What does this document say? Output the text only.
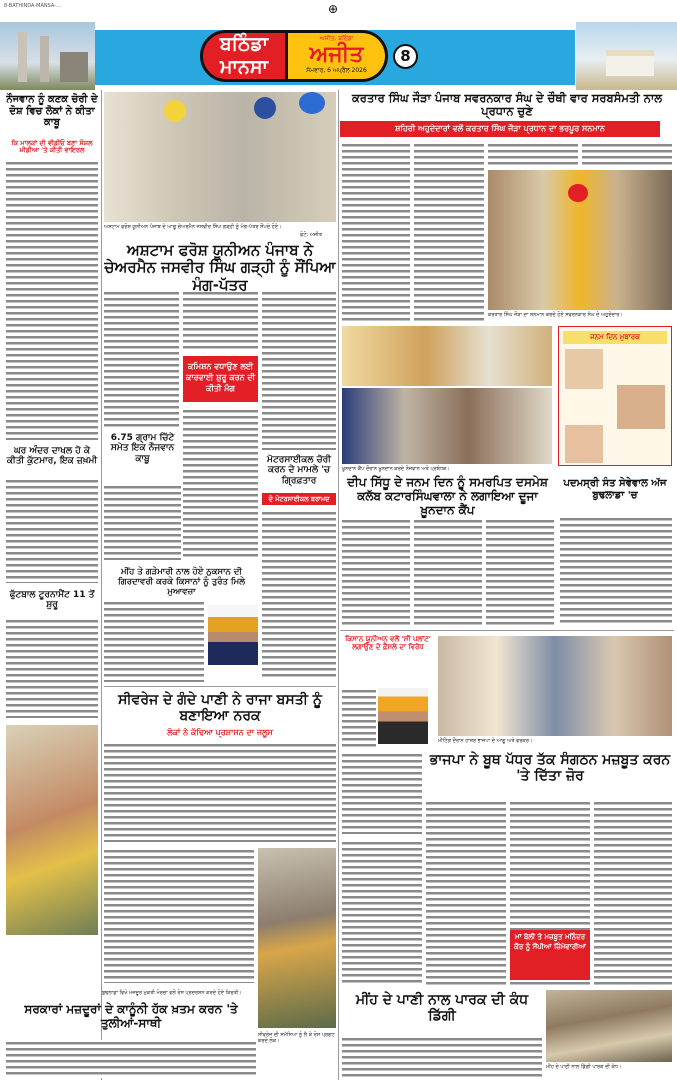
8-BATHINDA-MANSA-...	⊕
ਬਠਿੰਡਾ
ਮਾਨਸਾ
ਅਜੀਤ, ਬਠਿੰਡਾ
ਅਜੀਤ
ਸੋਮਵਾਰ, 6 ਅਪ੍ਰੈਲ 2026
8
ਨੌਜਵਾਨ ਨੂੰ ਕਣਕ ਚੋਰੀ ਦੇ ਦੋਸ਼ ਵਿਚ ਲੋਕਾਂ ਨੇ ਕੀਤਾ ਕਾਬੂ
ਕਿ ਮਾਲਕਾਂ ਦੀ ਵੀਡੀਓ ਬਣਾ ਸੋਸ਼ਲ ਮੀਡੀਆ 'ਤੇ ਕੀਤੀ ਵਾਇਰਲ
ਘਰ ਅੰਦਰ ਦਾਖਲ ਹੋ ਕੇ ਕੀਤੀ ਕੁੱਟਮਾਰ, ਇਕ ਜ਼ਖ਼ਮੀ
ਫੁੱਟਬਾਲ ਟੂਰਨਾਮੈਂਟ 11 ਤੋਂ ਸ਼ੁਰੂ
ਬੁਢਲਾਡਾ ਵਿਖੇ ਮਜ਼ਦੂਰ ਮੁਕਤੀ ਮੋਰਚਾ ਵਲੋਂ ਰੋਸ ਪ੍ਰਦਰਸ਼ਨ ਕਰਦੇ ਹੋਏ ਕਿਰਤੀ।
ਸਰਕਾਰਾਂ ਮਜ਼ਦੂਰਾਂ ਦੇ ਕਾਨੂੰਨੀ ਹੱਕ ਖ਼ਤਮ ਕਰਨ 'ਤੇ ਤੁਲੀਆਂ-ਸਾਥੀ
ਅਸ਼ਟਾਮ ਫਰੋਸ਼ ਯੂਨੀਅਨ ਪੰਜਾਬ ਦੇ ਆਗੂ ਚੇਅਰਮੈਨ ਜਸਵੀਰ ਸਿੰਘ ਗੜ੍ਹੀ ਨੂੰ ਮੰਗ-ਪੱਤਰ ਸੌਂਪਦੇ ਹੋਏ।
ਫੋਟੋ: ਅਜੀਤ
ਅਸ਼ਟਾਮ ਫਰੋਸ਼ ਯੂਨੀਅਨ ਪੰਜਾਬ ਨੇ ਚੇਅਰਮੈਨ ਜਸਵੀਰ ਸਿੰਘ ਗੜ੍ਹੀ ਨੂੰ ਸੌਂਪਿਆ ਮੰਗ-ਪੱਤਰ
ਕਮਿਸ਼ਨ ਵਧਾਉਣ ਲਈ ਕਾਰਵਾਈ ਸ਼ੁਰੂ ਕਰਨ ਦੀ ਕੀਤੀ ਮੰਗ
6.75 ਗ੍ਰਾਮ ਚਿੱਟੇ ਸਮੇਤ ਇਕ ਨੌਜਵਾਨ ਕਾਬੂ	ਮੋਟਰਸਾਈਕਲ ਚੋਰੀ ਕਰਨ ਦੇ ਮਾਮਲੇ 'ਚ ਗ੍ਰਿਫ਼ਤਾਰ
ਦੋ ਮੋਟਰਸਾਈਕਲ ਬਰਾਮਦ
ਮੀਂਹ ਤੇ ਗੜੇਮਾਰੀ ਨਾਲ ਹੋਏ ਨੁਕਸਾਨ ਦੀ ਗਿਰਦਾਵਰੀ ਕਰਕੇ ਕਿਸਾਨਾਂ ਨੂੰ ਤੁਰੰਤ ਮਿਲੇ ਮੁਆਵਜ਼ਾ
ਸੀਵਰੇਜ ਦੇ ਗੰਦੇ ਪਾਣੀ ਨੇ ਰਾਜਾ ਬਸਤੀ ਨੂੰ ਬਣਾਇਆ ਨਰਕ
ਲੋਕਾਂ ਨੇ ਕੱਢਿਆ ਪ੍ਰਸ਼ਾਸਨ ਦਾ ਜਲੂਸ
ਸੀਵਰੇਜ ਦੀ ਸਮੱਸਿਆ ਨੂੰ ਲੈ ਕੇ ਰੋਸ ਪ੍ਰਗਟ ਕਰਦੇ ਲੋਕ।
ਕਰਤਾਰ ਸਿੰਘ ਜੌੜਾ ਪੰਜਾਬ ਸਵਰਨਕਾਰ ਸੰਘ ਦੇ ਚੌਥੀ ਵਾਰ ਸਰਬਸੰਮਤੀ ਨਾਲ ਪ੍ਰਧਾਨ ਚੁਣੇ
ਸ਼ਹਿਰੀ ਅਹੁਦੇਦਾਰਾਂ ਵਲੋਂ ਕਰਤਾਰ ਸਿੰਘ ਜੌੜਾ ਪ੍ਰਧਾਨ ਦਾ ਭਰਪੂਰ ਸਨਮਾਨ
ਕਰਤਾਰ ਸਿੰਘ ਜੌੜਾ ਦਾ ਸਨਮਾਨ ਕਰਦੇ ਹੋਏ ਸਵਰਨਕਾਰ ਸੰਘ ਦੇ ਅਹੁਦੇਦਾਰ।
ਖ਼ੂਨਦਾਨ ਕੈਂਪ ਦੌਰਾਨ ਖ਼ੂਨਦਾਨ ਕਰਦੇ ਨੌਜਵਾਨ ਅਤੇ ਪ੍ਰਬੰਧਕ।
ਦੀਪ ਸਿੱਧੂ ਦੇ ਜਨਮ ਦਿਨ ਨੂੰ ਸਮਰਪਿਤ ਦਸਮੇਸ਼ ਕਲੱਬ ਕਟਾਰਸਿੰਘਵਾਲਾ ਨੇ ਲਗਾਇਆ ਦੂਜਾ ਖ਼ੂਨਦਾਨ ਕੈਂਪ
ਜਨਮ ਦਿਨ ਮੁਬਾਰਕ
ਪਦਮਸ੍ਰੀ ਸੰਤ ਸੇਵੇਵਾਲ ਅੱਜ ਬੁਢਲਾਡਾ 'ਚ
ਕਿਸਾਨ ਯੂਨੀਅਨ ਵਲੋਂ 'ਸੀ ਪਲਾਂਟ' ਲਗਾਉਣ ਦੇ ਫ਼ੈਸਲੇ ਦਾ ਵਿਰੋਧ
ਮੀਟਿੰਗ ਦੌਰਾਨ ਹਾਜ਼ਰ ਭਾਜਪਾ ਦੇ ਆਗੂ ਅਤੇ ਵਰਕਰ।
ਭਾਜਪਾ ਨੇ ਬੂਥ ਪੱਧਰ ਤੱਕ ਸੰਗਠਨ ਮਜ਼ਬੂਤ ਕਰਨ 'ਤੇ ਦਿੱਤਾ ਜ਼ੋਰ
ਮਾਂ ਬੋਲੀ ਤੇ ਮਜ਼ਬੂਤ ਮਨਿੰਦਰ ਕੌਰ ਨੂੰ ਸੌਂਪੀਆਂ ਜ਼ਿੰਮੇਵਾਰੀਆਂ
ਮੀਂਹ ਦੇ ਪਾਣੀ ਨਾਲ ਪਾਰਕ ਦੀ ਕੰਧ ਡਿੱਗੀ
ਮੀਂਹ ਦੇ ਪਾਣੀ ਨਾਲ ਡਿੱਗੀ ਪਾਰਕ ਦੀ ਕੰਧ।
